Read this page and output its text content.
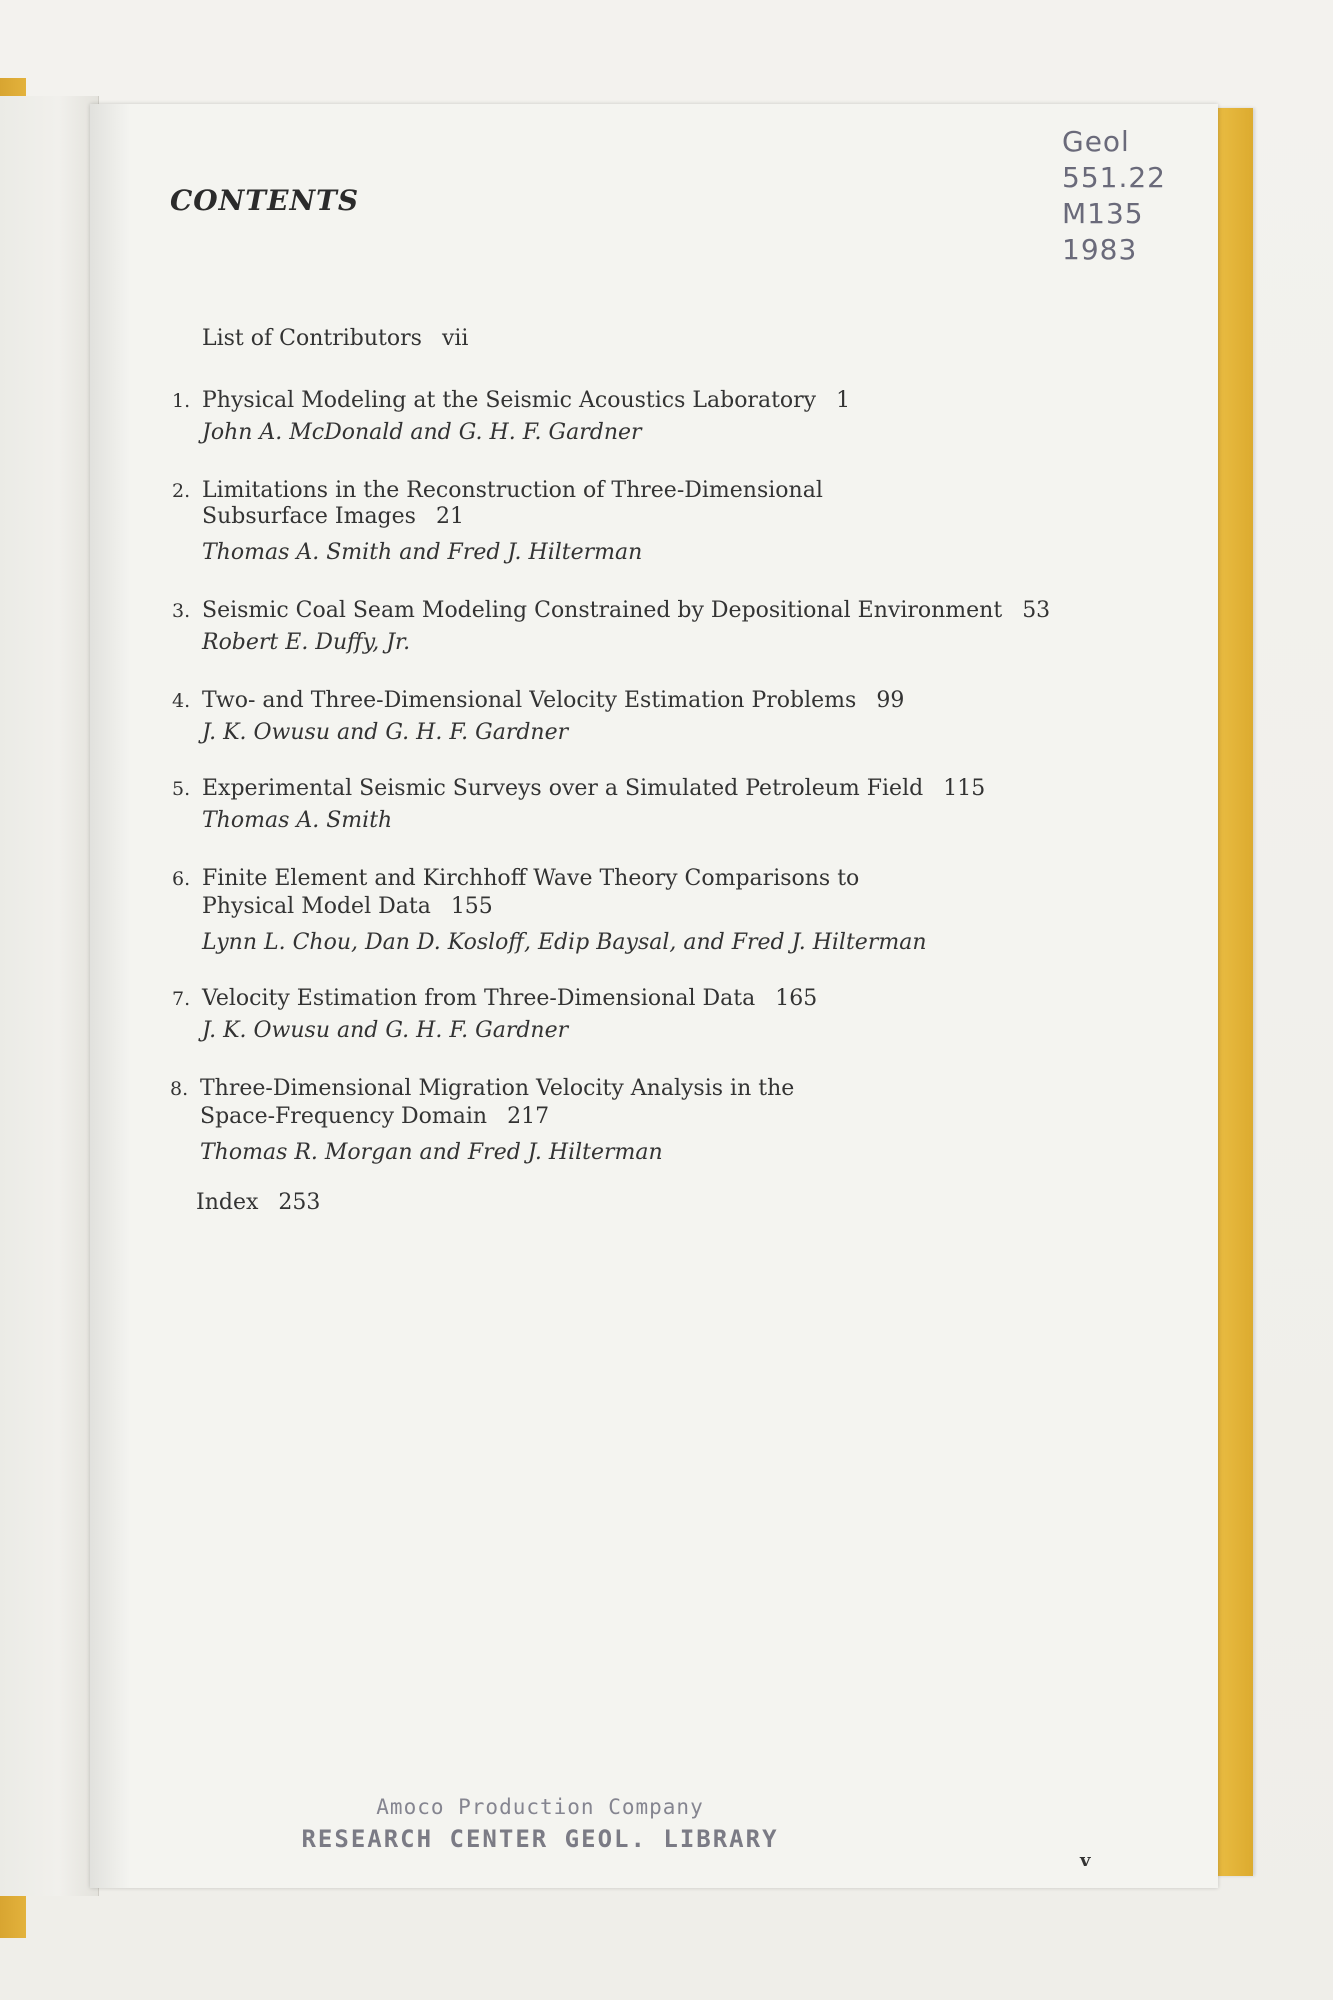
CONTENTS
Geol
551.22
M135
1983
List of Contributors vii
1. Physical Modeling at the Seismic Acoustics Laboratory 1
John A. McDonald and G. H. F. Gardner
2. Limitations in the Reconstruction of Three-Dimensional
Subsurface Images 21
Thomas A. Smith and Fred J. Hilterman
3. Seismic Coal Seam Modeling Constrained by Depositional Environment 53
Robert E. Duffy, Jr.
4. Two- and Three-Dimensional Velocity Estimation Problems 99
J. K. Owusu and G. H. F. Gardner
5. Experimental Seismic Surveys over a Simulated Petroleum Field 115
Thomas A. Smith
6. Finite Element and Kirchhoff Wave Theory Comparisons to
Physical Model Data 155
Lynn L. Chou, Dan D. Kosloff, Edip Baysal, and Fred J. Hilterman
7. Velocity Estimation from Three-Dimensional Data 165
J. K. Owusu and G. H. F. Gardner
8. Three-Dimensional Migration Velocity Analysis in the
Space-Frequency Domain 217
Thomas R. Morgan and Fred J. Hilterman
Index 253
Amoco Production Company
RESEARCH CENTER GEOL. LIBRARY
v
